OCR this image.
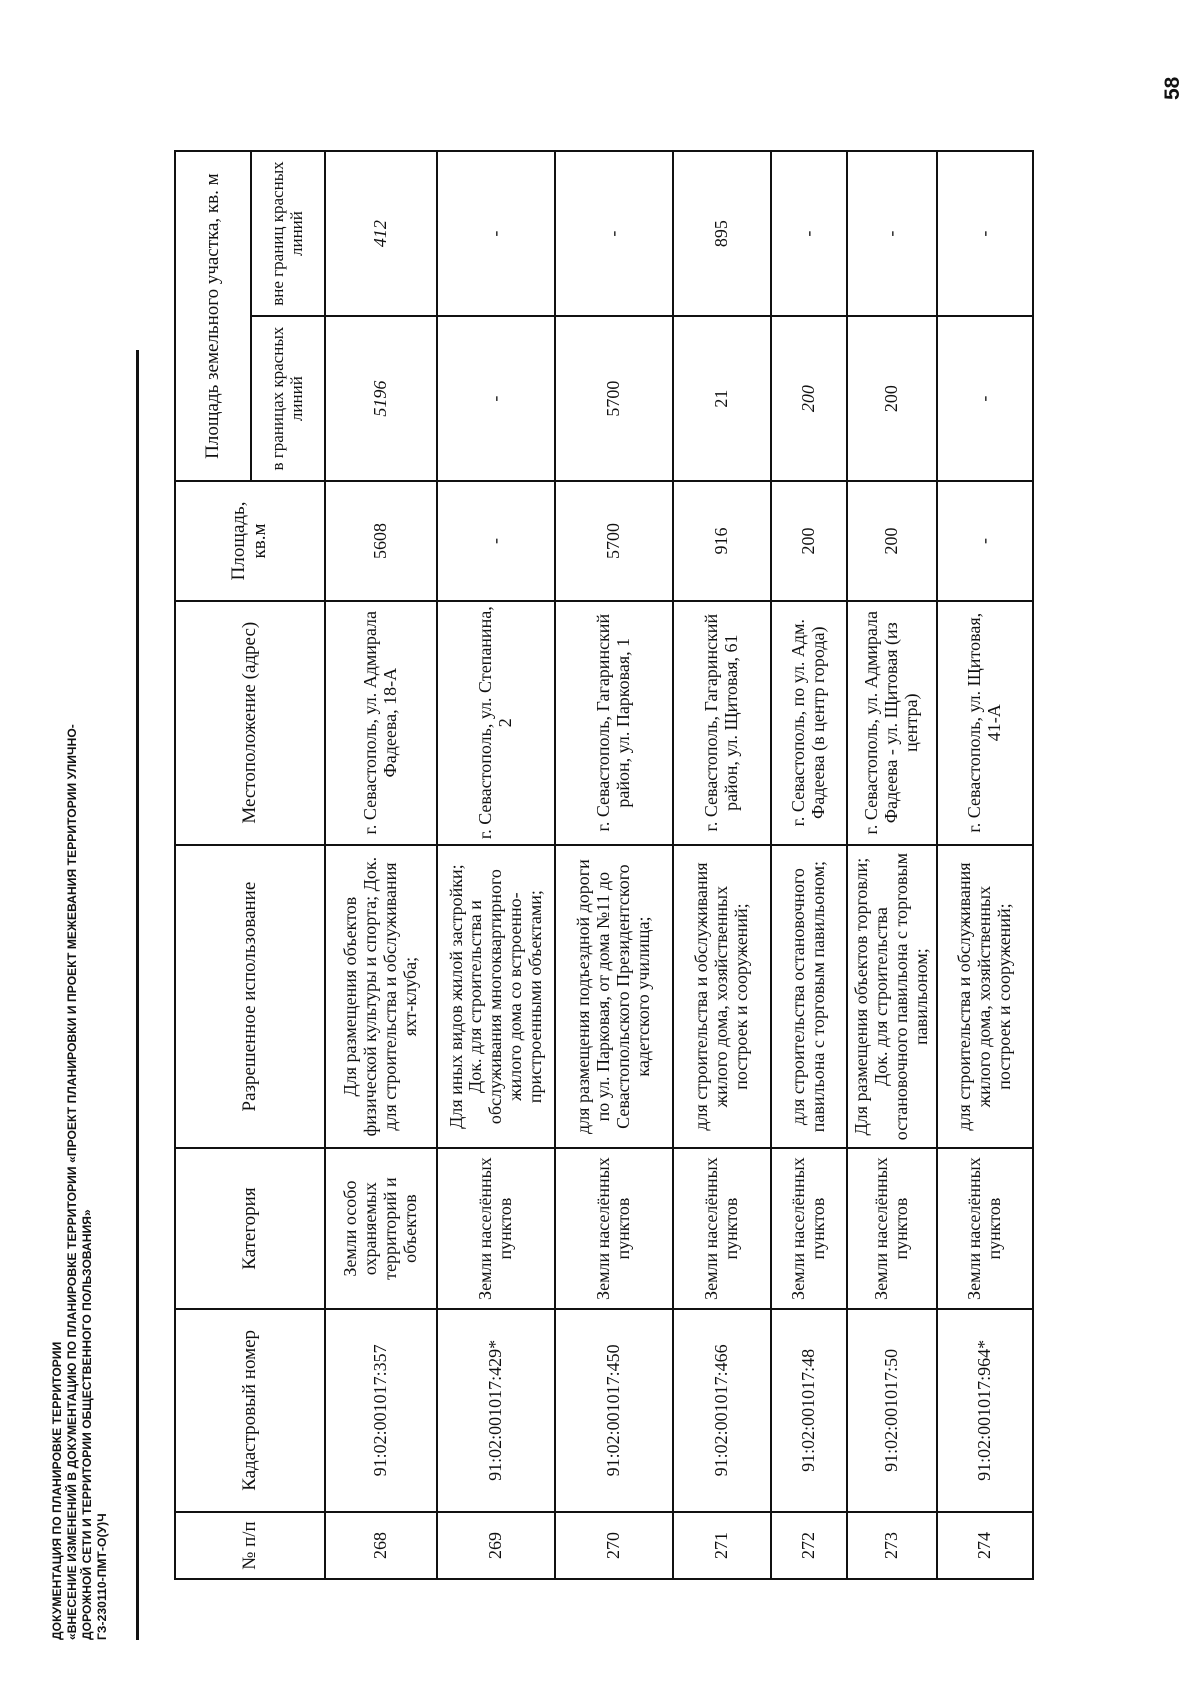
58
ДОКУМЕНТАЦИЯ ПО ПЛАНИРОВКЕ ТЕРРИТОРИИ «ВНЕСЕНИЕ ИЗМЕНЕНИЙ В ДОКУМЕНТАЦИЮ ПО ПЛАНИРОВКЕ ТЕРРИТОРИИ «ПРОЕКТ ПЛАНИРОВКИ И ПРОЕКТ МЕЖЕВАНИЯ ТЕРРИТОРИИ УЛИЧНО- ДОРОЖНОЙ СЕТИ И ТЕРРИТОРИИ ОБЩЕСТВЕННОГО ПОЛЬЗОВАНИЯ» ГЗ-230110-ПМТ-О(У)Ч	№ п/п	Кадастровый номер	Категория	Разрешенное использование	Местоположение (адрес)	Площадь, кв.м	Площадь земельного участка, кв. м	
						в границах красных линий	вне границ красных линий
268	91:02:001017:357	Земли особо охраняемых территорий и объектов	Для размещения объектов физической культуры и спорта; Док. для строительства и обслуживания яхт-клуба;	г. Севастополь, ул. Адмирала Фадеева, 18-А	5608	5196	412
269	91:02:001017:429*	Земли населённых пунктов	Для иных видов жилой застройки; Док. для строительства и обслуживания многоквартирного жилого дома со встроенно-пристроенными объектами;	г. Севастополь, ул. Степанина, 2	-	-	-
270	91:02:001017:450	Земли населённых пунктов	для размещения подъездной дороги по ул. Парковая, от дома №11 до Севастопольского Президентского кадетского училища;	г. Севастополь, Гагаринский район, ул. Парковая, 1	5700	5700	-
271	91:02:001017:466	Земли населённых пунктов	для строительства и обслуживания жилого дома, хозяйственных построек и сооружений;	г. Севастополь, Гагаринский район, ул. Щитовая, 61	916	21	895
272	91:02:001017:48	Земли населённых пунктов	для строительства остановочного павильона с торговым павильоном;	г. Севастополь, по ул. Адм. Фадеева (в центр города)	200	200	-
273	91:02:001017:50	Земли населённых пунктов	Для размещения объектов торговли; Док. для строительства остановочного павильона с торговым павильоном;	г. Севастополь, ул. Адмирала Фадеева - ул. Щитовая (из центра)	200	200	-
274	91:02:001017:964*	Земли населённых пунктов	для строительства и обслуживания жилого дома, хозяйственных построек и сооружений;	г. Севастополь, ул. Щитовая, 41-А	-	-	-
